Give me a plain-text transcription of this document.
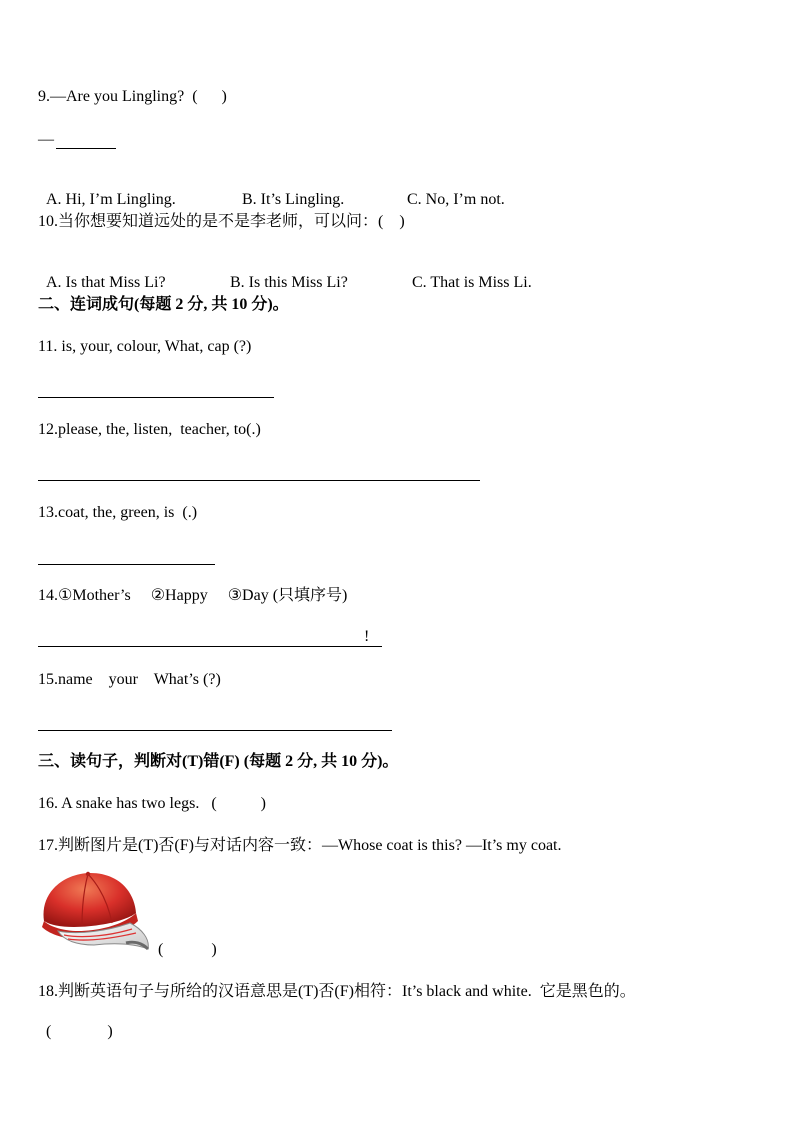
9.—Are you Lingling?  (      )
—

A. Hi, I’m Lingling.	B. It’s Lingling.	C. No, I’m not.

10.当你想要知道远处的是不是李老师，可以问：(    )

A. Is that Miss Li?	B. Is this Miss Li?	C. That is Miss Li.

二、连词成句(每题 2 分, 共 10 分)。
11. is, your, colour, What, cap (?)
12.please, the, listen,  teacher, to(.)
13.coat, the, green, is  (.)
14.①Mother’s     ②Happy     ③Day (只填序号)
!
15.name    your    What’s (?)
三、读句子，判断对(T)错(F) (每题 2 分, 共 10 分)。
16. A snake has two legs.   (           )
17.判断图片是(T)否(F)与对话内容一致：—Whose coat is this? —It’s my coat.
(            )
18.判断英语句子与所给的汉语意思是(T)否(F)相符：It’s black and white.  它是黑色的。
(              )
